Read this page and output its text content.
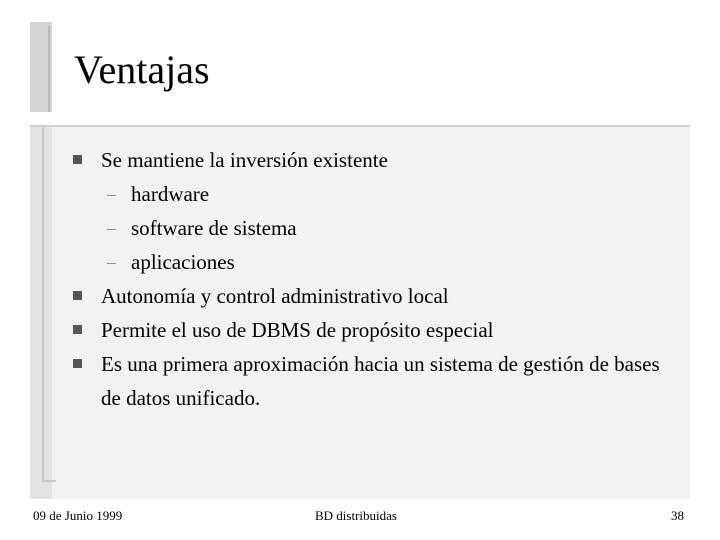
Ventajas
Se mantiene la inversión existente
– hardware
– software de sistema
– aplicaciones
Autonomía y control administrativo local
Permite el uso de DBMS de propósito especial
Es una primera aproximación hacia un sistema de gestión de bases de datos unificado.
09 de Junio 1999	BD distribuidas	38
